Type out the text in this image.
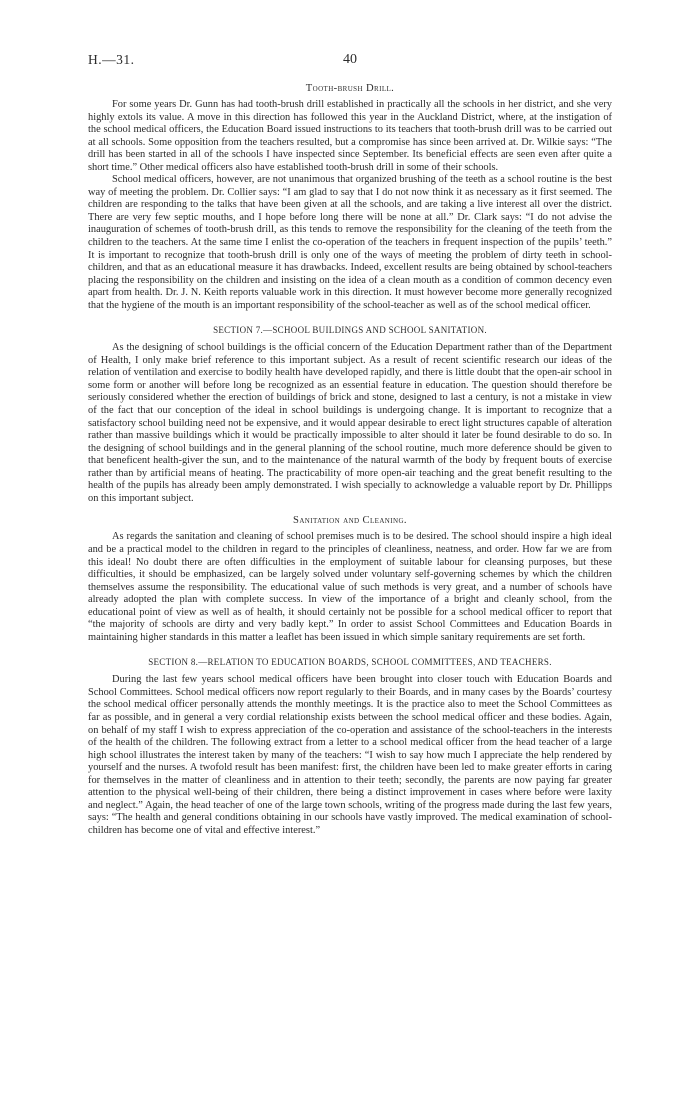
H.—31.	40
Tooth-brush Drill.

For some years Dr. Gunn has had tooth-brush drill established in practically all the schools in her district, and she very highly extols its value. A move in this direction has followed this year in the Auckland District, where, at the instigation of the school medical officers, the Education Board issued instructions to its teachers that tooth-brush drill was to be carried out at all schools. Some opposition from the teachers resulted, but a compromise has since been arrived at. Dr. Wilkie says: “The drill has been started in all of the schools I have inspected since September. Its beneficial effects are seen even after quite a short time.” Other medical officers also have established tooth-brush drill in some of their schools.

School medical officers, however, are not unanimous that organized brushing of the teeth as a school routine is the best way of meeting the problem. Dr. Collier says: “I am glad to say that I do not now think it as necessary as it first seemed. The children are responding to the talks that have been given at all the schools, and are taking a live interest all over the district. There are very few septic mouths, and I hope before long there will be none at all.” Dr. Clark says: “I do not advise the inauguration of schemes of tooth-brush drill, as this tends to remove the responsibility for the cleaning of the teeth from the children to the teachers. At the same time I enlist the co-operation of the teachers in frequent inspection of the pupils’ teeth.” It is important to recognize that tooth-brush drill is only one of the ways of meeting the problem of dirty teeth in school-children, and that as an educational measure it has drawbacks. Indeed, excellent results are being obtained by school-teachers placing the responsibility on the children and insisting on the idea of a clean mouth as a condition of common decency even apart from health. Dr. J. N. Keith reports valuable work in this direction. It must however become more generally recognized that the hygiene of the mouth is an important responsibility of the school-teacher as well as of the school medical officer.

SECTION 7.—SCHOOL BUILDINGS AND SCHOOL SANITATION.

As the designing of school buildings is the official concern of the Education Department rather than of the Department of Health, I only make brief reference to this important subject. As a result of recent scientific research our ideas of the relation of ventilation and exercise to bodily health have developed rapidly, and there is little doubt that the open-air school in some form or another will before long be recognized as an essential feature in education. The question should therefore be seriously considered whether the erection of buildings of brick and stone, designed to last a century, is not a mistake in view of the fact that our conception of the ideal in school buildings is undergoing change. It is important to recognize that a satisfactory school building need not be expensive, and it would appear desirable to erect light structures capable of alteration rather than massive buildings which it would be practically impossible to alter should it later be found desirable to do so. In the designing of school buildings and in the general planning of the school routine, much more deference should be given to that beneficent health-giver the sun, and to the maintenance of the natural warmth of the body by frequent bouts of exercise rather than by artificial means of heating. The practicability of more open-air teaching and the great benefit resulting to the health of the pupils has already been amply demonstrated. I wish specially to acknowledge a valuable report by Dr. Phillipps on this important subject.

Sanitation and Cleaning.

As regards the sanitation and cleaning of school premises much is to be desired. The school should inspire a high ideal and be a practical model to the children in regard to the principles of cleanliness, neatness, and order. How far we are from this ideal! No doubt there are often difficulties in the employment of suitable labour for cleansing purposes, but these difficulties, it should be emphasized, can be largely solved under voluntary self-governing schemes by which the children themselves assume the responsibility. The educational value of such methods is very great, and a number of schools have already adopted the plan with complete success. In view of the importance of a bright and cleanly school, from the educational point of view as well as of health, it should certainly not be possible for a school medical officer to report that “the majority of schools are dirty and very badly kept.” In order to assist School Committees and Education Boards in maintaining higher standards in this matter a leaflet has been issued in which simple sanitary requirements are set forth.

SECTION 8.—RELATION TO EDUCATION BOARDS, SCHOOL COMMITTEES, AND TEACHERS.

During the last few years school medical officers have been brought into closer touch with Education Boards and School Committees. School medical officers now report regularly to their Boards, and in many cases by the Boards’ courtesy the school medical officer personally attends the monthly meetings. It is the practice also to meet the School Committees as far as possible, and in general a very cordial relationship exists between the school medical officer and these bodies. Again, on behalf of my staff I wish to express appreciation of the co-operation and assistance of the school-teachers in the interests of the health of the children. The following extract from a letter to a school medical officer from the head teacher of a large high school illustrates the interest taken by many of the teachers: “I wish to say how much I appreciate the help rendered by yourself and the nurses. A twofold result has been manifest: first, the children have been led to make greater efforts in caring for themselves in the matter of cleanliness and in attention to their teeth; secondly, the parents are now paying far greater attention to the physical well-being of their children, there being a distinct improvement in cases where before were laxity and neglect.” Again, the head teacher of one of the large town schools, writing of the progress made during the last few years, says: “The health and general conditions obtaining in our schools have vastly improved. The medical examination of school-children has become one of vital and effective interest.”
